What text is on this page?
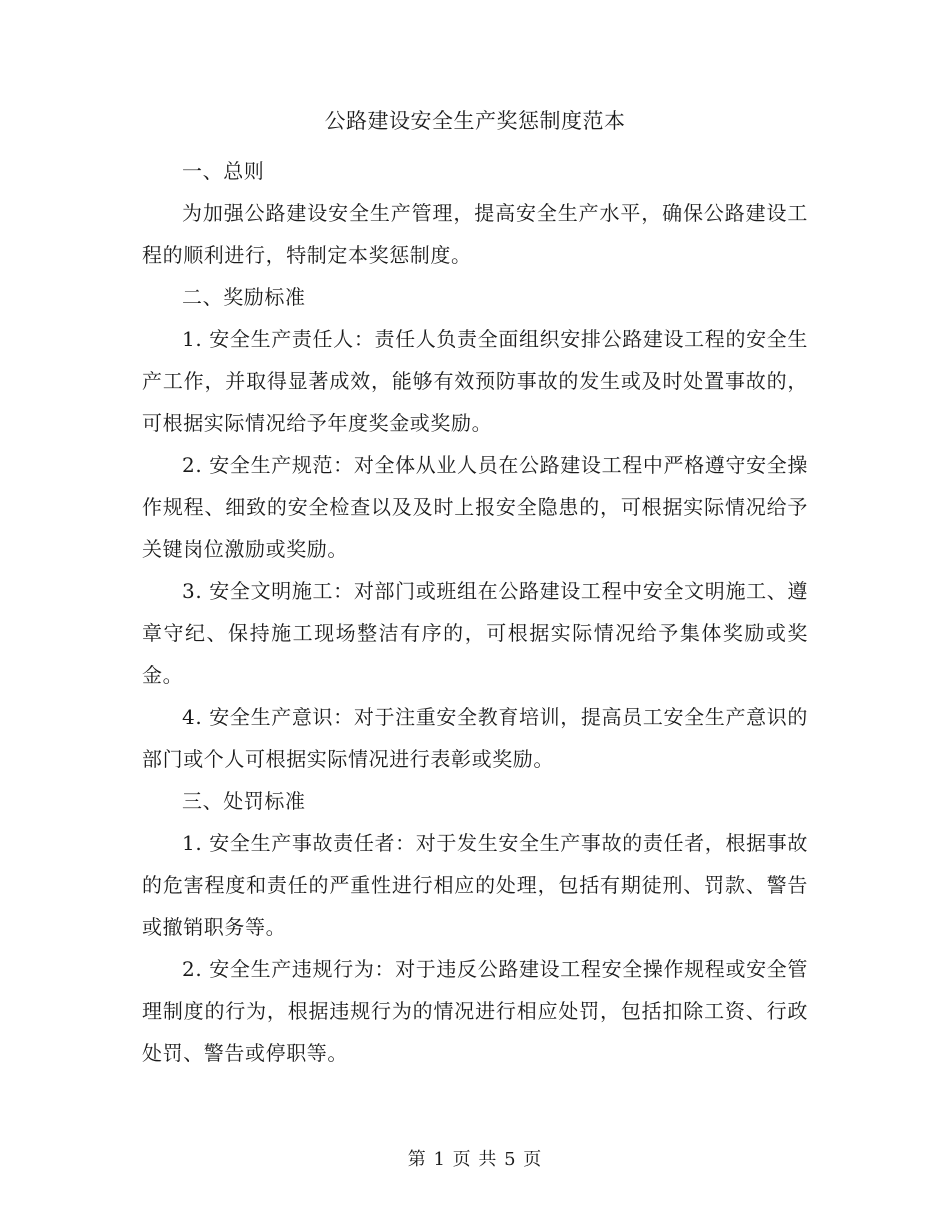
公路建设安全生产奖惩制度范本

一、总则

为加强公路建设安全生产管理，提高安全生产水平，确保公路建设工程的顺利进行，特制定本奖惩制度。

二、奖励标准

1. 安全生产责任人：责任人负责全面组织安排公路建设工程的安全生产工作，并取得显著成效，能够有效预防事故的发生或及时处置事故的，可根据实际情况给予年度奖金或奖励。

2. 安全生产规范：对全体从业人员在公路建设工程中严格遵守安全操作规程、细致的安全检查以及及时上报安全隐患的，可根据实际情况给予关键岗位激励或奖励。

3. 安全文明施工：对部门或班组在公路建设工程中安全文明施工、遵章守纪、保持施工现场整洁有序的，可根据实际情况给予集体奖励或奖金。

4. 安全生产意识：对于注重安全教育培训，提高员工安全生产意识的部门或个人可根据实际情况进行表彰或奖励。

三、处罚标准

1. 安全生产事故责任者：对于发生安全生产事故的责任者，根据事故的危害程度和责任的严重性进行相应的处理，包括有期徒刑、罚款、警告或撤销职务等。

2. 安全生产违规行为：对于违反公路建设工程安全操作规程或安全管理制度的行为，根据违规行为的情况进行相应处罚，包括扣除工资、行政处罚、警告或停职等。

第 1 页 共 5 页
